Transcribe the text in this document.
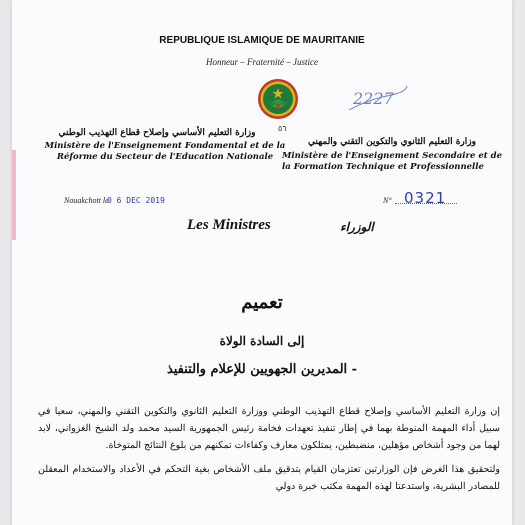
REPUBLIQUE ISLAMIQUE DE MAURITANIE
Honneur – Fraternité – Justice
2227
٥٦
وزارة التعليم الأساسي وإصلاح قطاع التهذيب الوطني
Ministère de l'Enseignement Fondamental et de la Réforme du Secteur de l'Education Nationale
وزارة التعليم الثانوي والتكوين التقني والمهني
Ministère de l'Enseignement Secondaire et de la Formation Technique et Professionnelle
Nouakchott le
0 6 DEC 2019	N° 0321
Les Ministres	الوزراء
تعميم
إلى السادة الولاة
- المديرين الجهويين للإعلام والتنفيذ

إن وزارة التعليم الأساسي وإصلاح قطاع التهذيب الوطني ووزارة التعليم الثانوي والتكوين التقني والمهني، سعيا في سبيل أداء المهمة المنوطة بهما في إطار تنفيذ تعهدات فخامة رئيس الجمهورية السيد محمد ولد الشيخ الغزواني، لابد لهما من وجود أشخاص مؤهلين، منضبطين، يمتلكون معارف وكفاءات تمكنهم من بلوغ النتائج المتوخاة.

ولتحقيق هذا الغرض فإن الوزارتين تعتزمان القيام بتدقيق ملف الأشخاص بغية التحكم في الأعداد والاستخدام المعقلن للمصادر البشرية، واستدعتا لهذه المهمة مكتب خبرة دولي
